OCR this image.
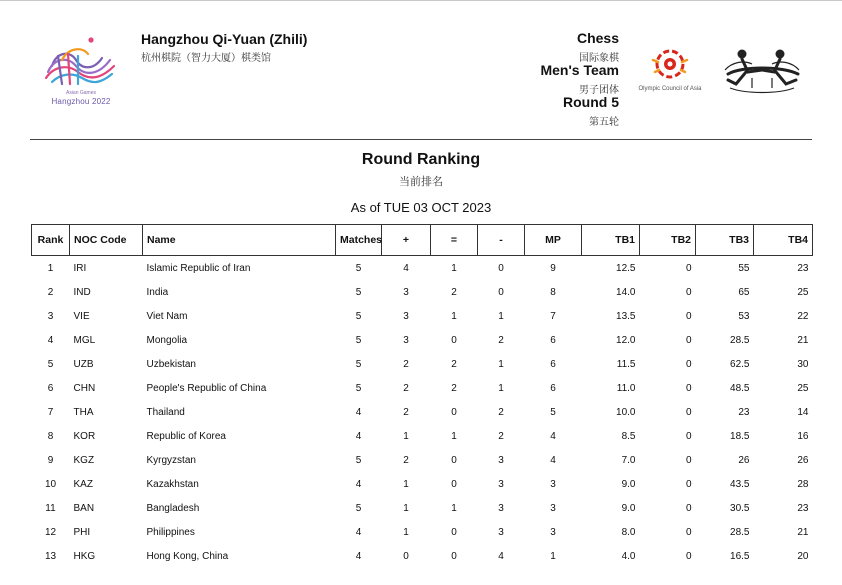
Asian Games
Hangzhou 2022
Hangzhou Qi-Yuan (Zhili)
杭州棋院（智力大厦）棋类馆
Chess
国际象棋
Men's Team
男子团体
Round 5
第五轮
Olympic Council of Asia
Round Ranking
当前排名
As of TUE 03 OCT 2023
Rank	NOC Code	Name	Matches	+	=	-	MP	TB1	TB2	TB3	TB4
1	IRI	Islamic Republic of Iran	5	4	1	0	9	12.5	0	55	23
2	IND	India	5	3	2	0	8	14.0	0	65	25
3	VIE	Viet Nam	5	3	1	1	7	13.5	0	53	22
4	MGL	Mongolia	5	3	0	2	6	12.0	0	28.5	21
5	UZB	Uzbekistan	5	2	2	1	6	11.5	0	62.5	30
6	CHN	People's Republic of China	5	2	2	1	6	11.0	0	48.5	25
7	THA	Thailand	4	2	0	2	5	10.0	0	23	14
8	KOR	Republic of Korea	4	1	1	2	4	8.5	0	18.5	16
9	KGZ	Kyrgyzstan	5	2	0	3	4	7.0	0	26	26
10	KAZ	Kazakhstan	4	1	0	3	3	9.0	0	43.5	28
11	BAN	Bangladesh	5	1	1	3	3	9.0	0	30.5	23
12	PHI	Philippines	4	1	0	3	3	8.0	0	28.5	21
13	HKG	Hong Kong, China	4	0	0	4	1	4.0	0	16.5	20
